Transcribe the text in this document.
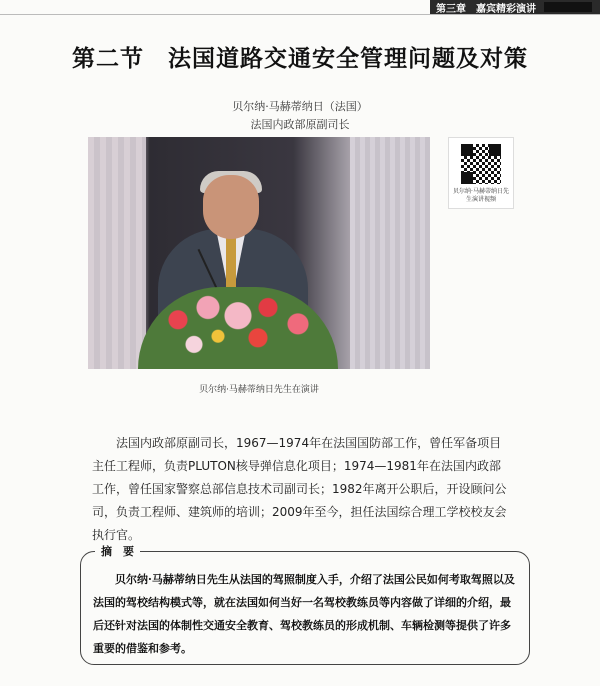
第三章　嘉宾精彩演讲
第二节　法国道路交通安全管理问题及对策
贝尔纳·马赫蒂纳日（法国）
法国内政部原副司长
贝尔纳·马赫蒂纳日先生演讲视频
贝尔纳·马赫蒂纳日先生在演讲

法国内政部原副司长，1967—1974年在法国国防部工作，曾任军备项目主任工程师，负责PLUTON核导弹信息化项目；1974—1981年在法国内政部工作，曾任国家警察总部信息技术司副司长；1982年离开公职后，开设顾问公司，负责工程师、建筑师的培训；2009年至今，担任法国综合理工学校校友会执行官。

摘　要

贝尔纳·马赫蒂纳日先生从法国的驾照制度入手，介绍了法国公民如何考取驾照以及法国的驾校结构模式等，就在法国如何当好一名驾校教练员等内容做了详细的介绍，最后还针对法国的体制性交通安全教育、驾校教练员的形成机制、车辆检测等提供了许多重要的借鉴和参考。
